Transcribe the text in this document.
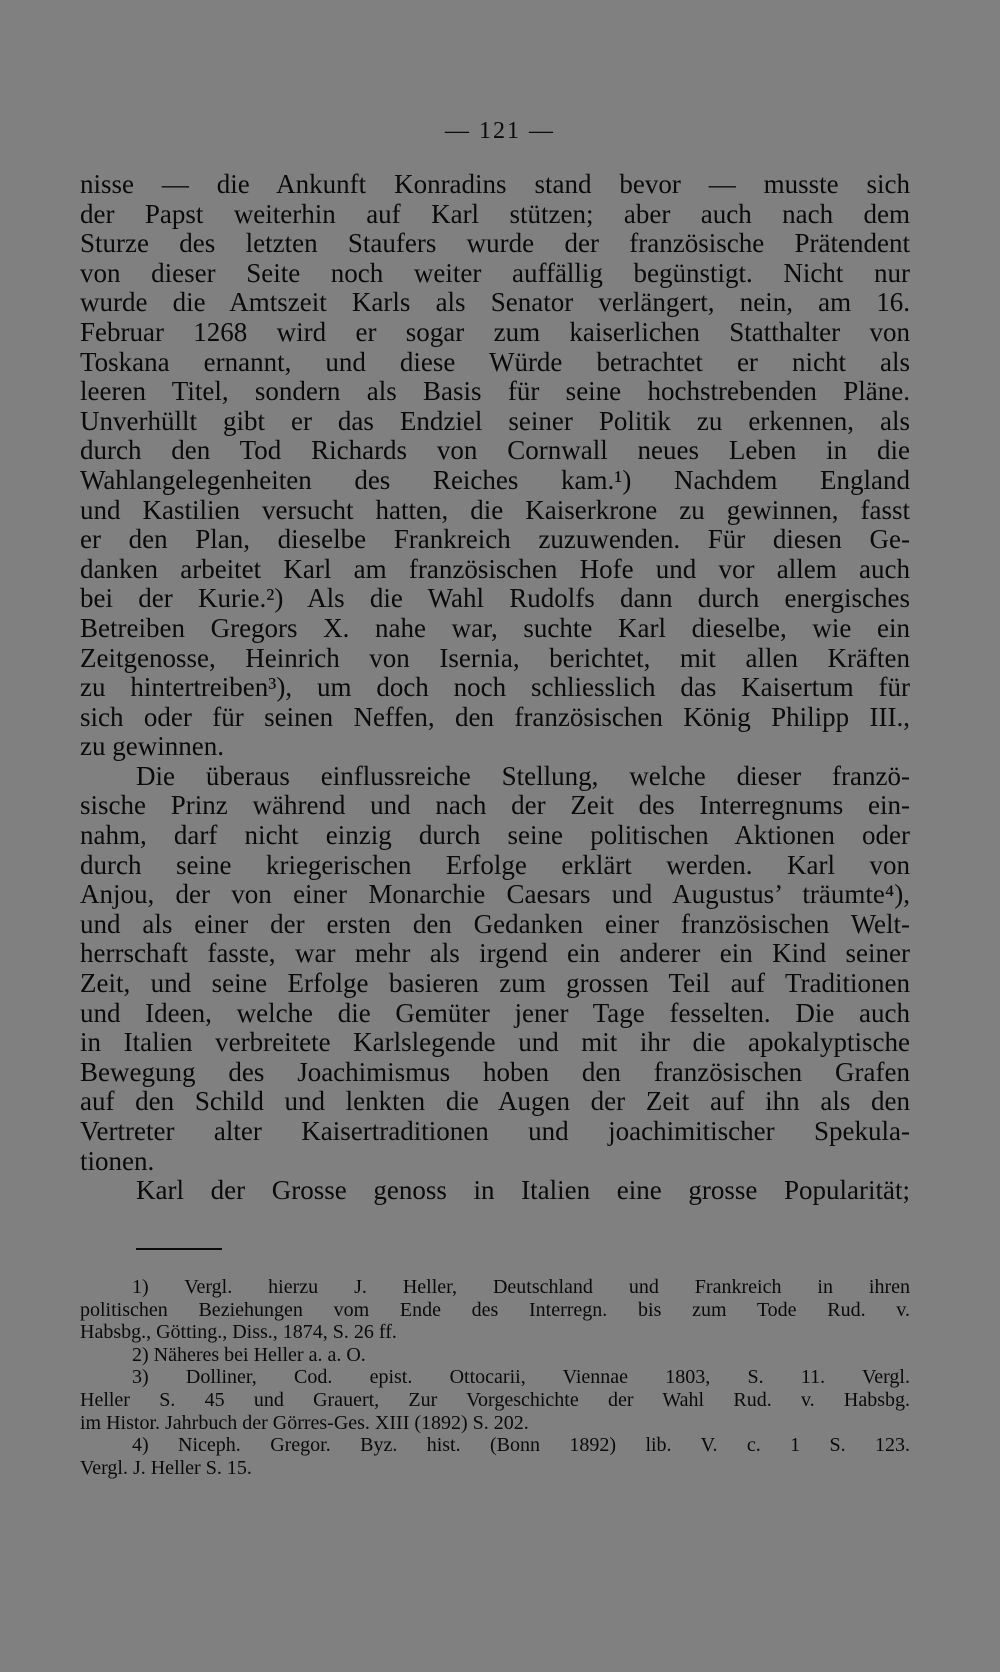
— 121 —
nisse — die Ankunft Konradins stand bevor — musste sich
der Papst weiterhin auf Karl stützen; aber auch nach dem
Sturze des letzten Staufers wurde der französische Prätendent
von dieser Seite noch weiter auffällig begünstigt. Nicht nur
wurde die Amtszeit Karls als Senator verlängert, nein, am 16.
Februar 1268 wird er sogar zum kaiserlichen Statthalter von
Toskana ernannt, und diese Würde betrachtet er nicht als
leeren Titel, sondern als Basis für seine hochstrebenden Pläne.
Unverhüllt gibt er das Endziel seiner Politik zu erkennen, als
durch den Tod Richards von Cornwall neues Leben in die
Wahlangelegenheiten des Reiches kam.¹) Nachdem England
und Kastilien versucht hatten, die Kaiserkrone zu gewinnen, fasst
er den Plan, dieselbe Frankreich zuzuwenden. Für diesen Ge-
danken arbeitet Karl am französischen Hofe und vor allem auch
bei der Kurie.²) Als die Wahl Rudolfs dann durch energisches
Betreiben Gregors X. nahe war, suchte Karl dieselbe, wie ein
Zeitgenosse, Heinrich von Isernia, berichtet, mit allen Kräften
zu hintertreiben³), um doch noch schliesslich das Kaisertum für
sich oder für seinen Neffen, den französischen König Philipp III.,
zu gewinnen.
Die überaus einflussreiche Stellung, welche dieser franzö-
sische Prinz während und nach der Zeit des Interregnums ein-
nahm, darf nicht einzig durch seine politischen Aktionen oder
durch seine kriegerischen Erfolge erklärt werden. Karl von
Anjou, der von einer Monarchie Caesars und Augustus’ träumte⁴),
und als einer der ersten den Gedanken einer französischen Welt-
herrschaft fasste, war mehr als irgend ein anderer ein Kind seiner
Zeit, und seine Erfolge basieren zum grossen Teil auf Traditionen
und Ideen, welche die Gemüter jener Tage fesselten. Die auch
in Italien verbreitete Karlslegende und mit ihr die apokalyptische
Bewegung des Joachimismus hoben den französischen Grafen
auf den Schild und lenkten die Augen der Zeit auf ihn als den
Vertreter alter Kaisertraditionen und joachimitischer Spekula-
tionen.
Karl der Grosse genoss in Italien eine grosse Popularität;
1) Vergl. hierzu J. Heller, Deutschland und Frankreich in ihren
politischen Beziehungen vom Ende des Interregn. bis zum Tode Rud. v.
Habsbg., Götting., Diss., 1874, S. 26 ff.
2) Näheres bei Heller a. a. O.
3) Dolliner, Cod. epist. Ottocarii, Viennae 1803, S. 11. Vergl.
Heller S. 45 und Grauert, Zur Vorgeschichte der Wahl Rud. v. Habsbg.
im Histor. Jahrbuch der Görres-Ges. XIII (1892) S. 202.
4) Niceph. Gregor. Byz. hist. (Bonn 1892) lib. V. c. 1 S. 123.
Vergl. J. Heller S. 15.
